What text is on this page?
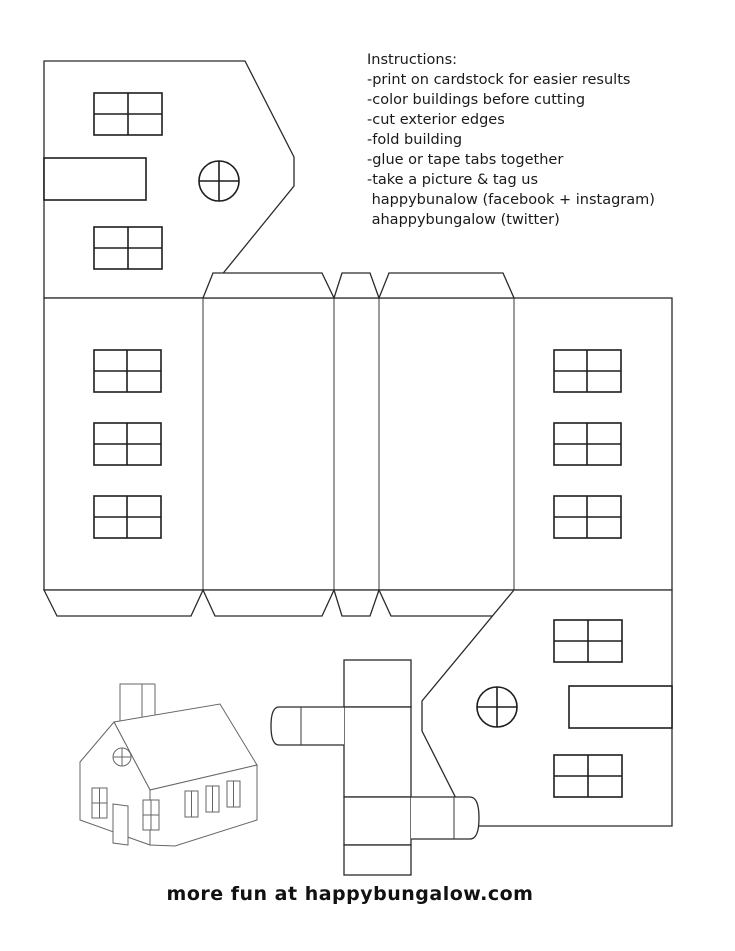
Instructions:
-print on cardstock for easier results
-color buildings before cutting
-cut exterior edges
-fold building
-glue or tape tabs together
-take a picture & tag us
happybunalow (facebook + instagram)
ahappybungalow (twitter)
more fun at happybungalow.com
